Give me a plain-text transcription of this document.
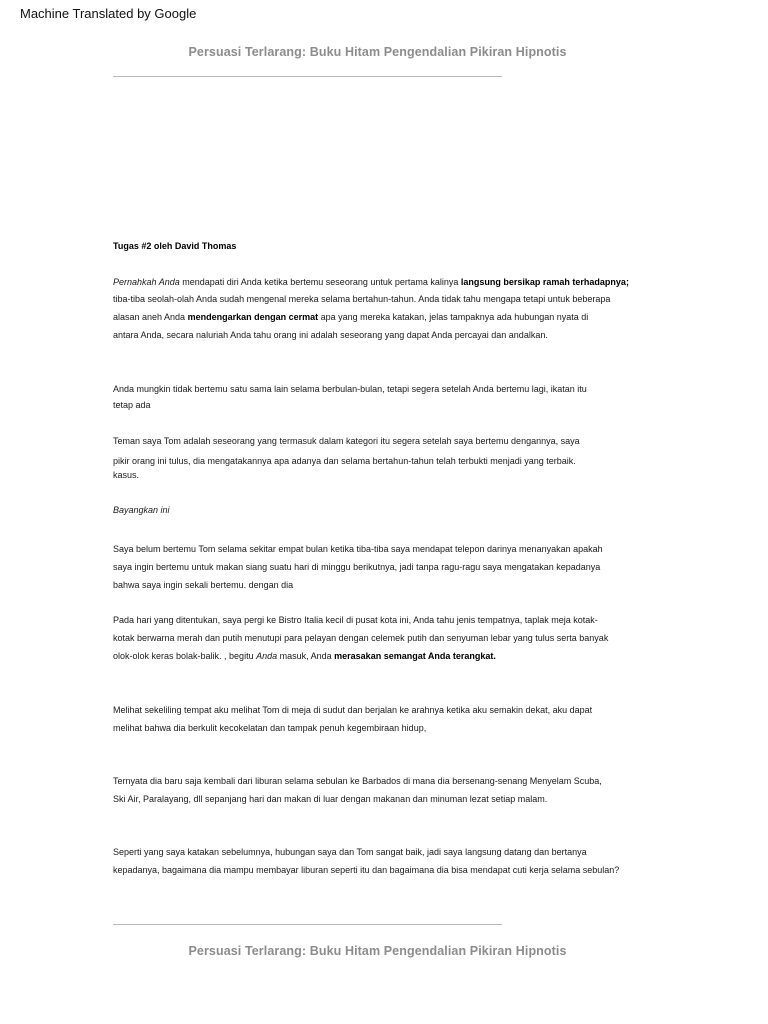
Machine Translated by Google
Persuasi Terlarang: Buku Hitam Pengendalian Pikiran Hipnotis
Tugas #2 oleh David Thomas
Pernahkah Anda mendapati diri Anda ketika bertemu seseorang untuk pertama kalinya langsung bersikap ramah terhadapnya;
tiba-tiba seolah-olah Anda sudah mengenal mereka selama bertahun-tahun. Anda tidak tahu mengapa tetapi untuk beberapa
alasan aneh Anda mendengarkan dengan cermat apa yang mereka katakan, jelas tampaknya ada hubungan nyata di
antara Anda, secara naluriah Anda tahu orang ini adalah seseorang yang dapat Anda percayai dan andalkan.
Anda mungkin tidak bertemu satu sama lain selama berbulan-bulan, tetapi segera setelah Anda bertemu lagi, ikatan itu
tetap ada
Teman saya Tom adalah seseorang yang termasuk dalam kategori itu segera setelah saya bertemu dengannya, saya
pikir orang ini tulus, dia mengatakannya apa adanya dan selama bertahun-tahun telah terbukti menjadi yang terbaik.
kasus.
Bayangkan ini
Saya belum bertemu Tom selama sekitar empat bulan ketika tiba-tiba saya mendapat telepon darinya menanyakan apakah
saya ingin bertemu untuk makan siang suatu hari di minggu berikutnya, jadi tanpa ragu-ragu saya mengatakan kepadanya
bahwa saya ingin sekali bertemu. dengan dia
Pada hari yang ditentukan, saya pergi ke Bistro Italia kecil di pusat kota ini, Anda tahu jenis tempatnya, taplak meja kotak-
kotak berwarna merah dan putih menutupi para pelayan dengan celemek putih dan senyuman lebar yang tulus serta banyak
olok-olok keras bolak-balik. , begitu Anda masuk, Anda merasakan semangat Anda terangkat.
Melihat sekeliling tempat aku melihat Tom di meja di sudut dan berjalan ke arahnya ketika aku semakin dekat, aku dapat
melihat bahwa dia berkulit kecokelatan dan tampak penuh kegembiraan hidup,
Ternyata dia baru saja kembali dari liburan selama sebulan ke Barbados di mana dia bersenang-senang Menyelam Scuba,
Ski Air, Paralayang, dll sepanjang hari dan makan di luar dengan makanan dan minuman lezat setiap malam.
Seperti yang saya katakan sebelumnya, hubungan saya dan Tom sangat baik, jadi saya langsung datang dan bertanya
kepadanya, bagaimana dia mampu membayar liburan seperti itu dan bagaimana dia bisa mendapat cuti kerja selama sebulan?
Persuasi Terlarang: Buku Hitam Pengendalian Pikiran Hipnotis
